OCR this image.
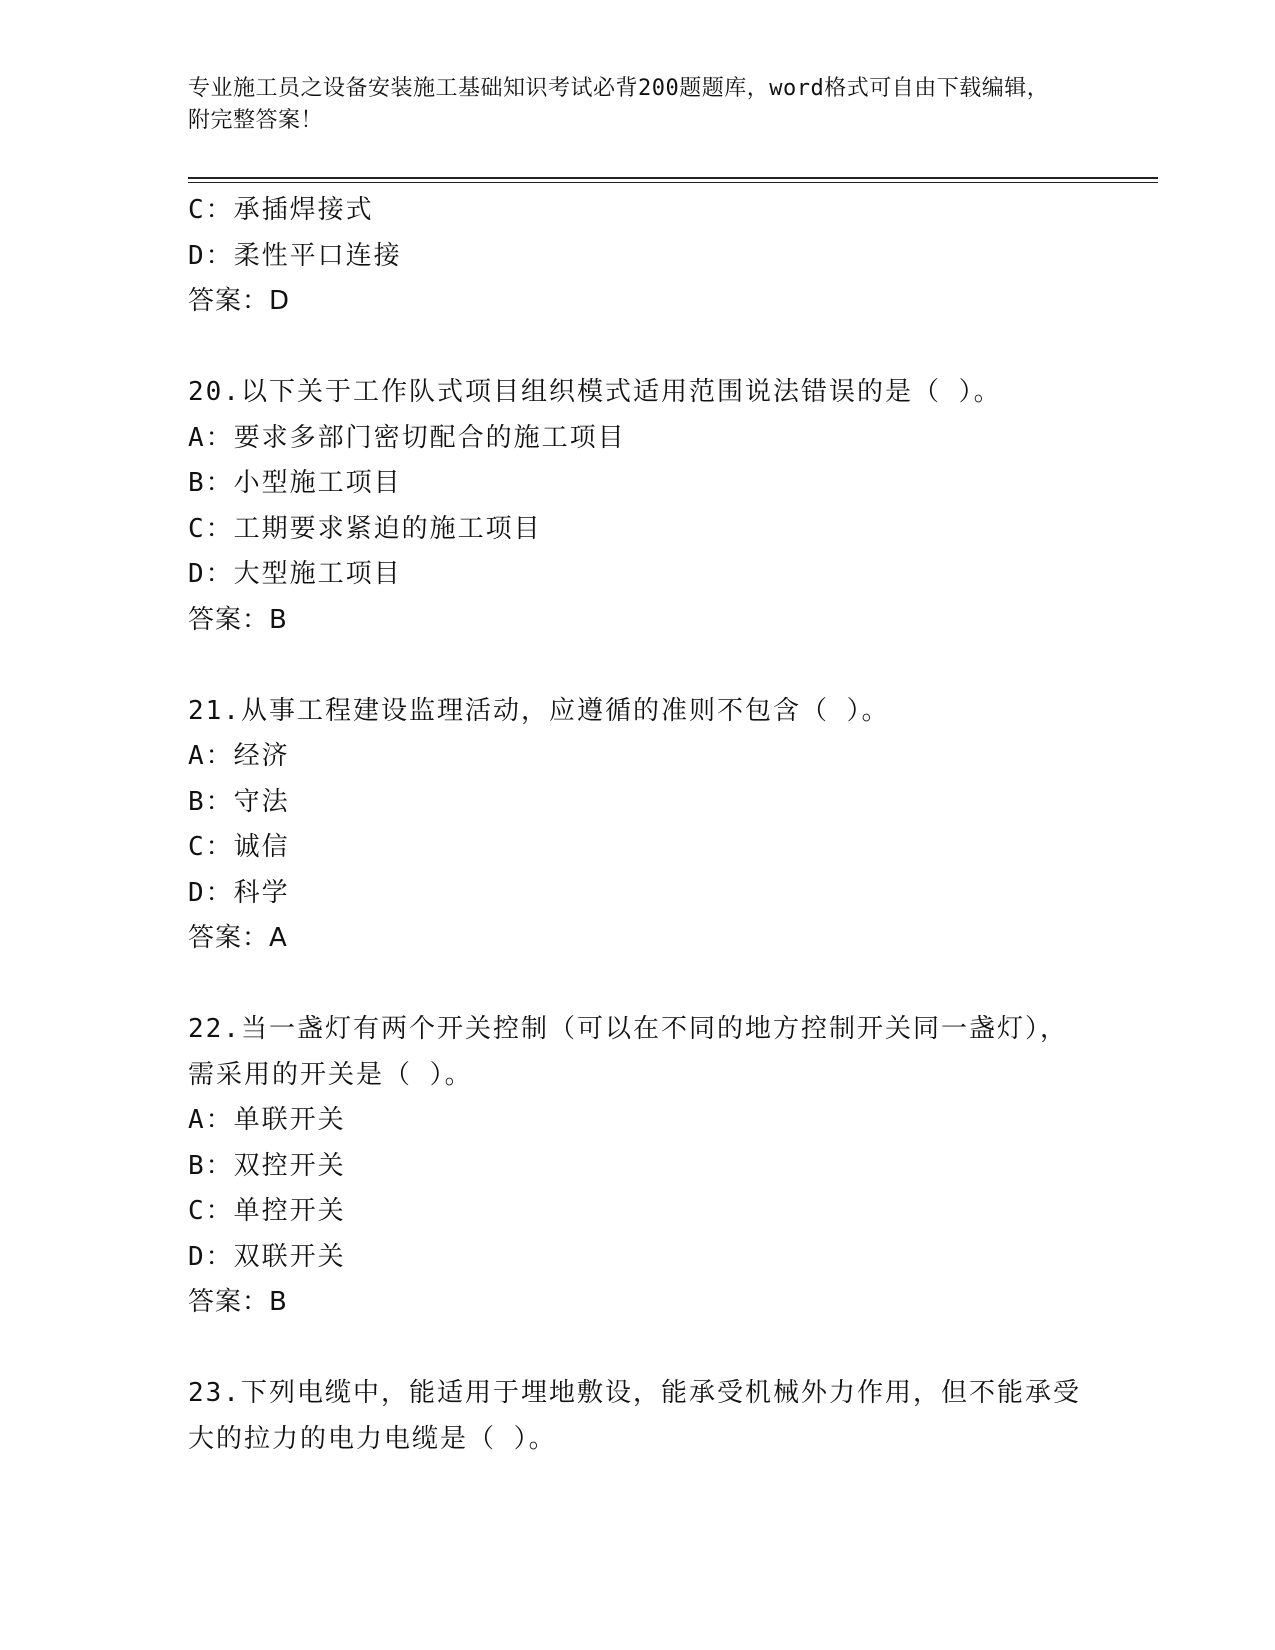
专业施工员之设备安装施工基础知识考试必背200题题库，word格式可自由下载编辑，附完整答案！
C：承插焊接式
D：柔性平口连接
答案：D
20.以下关于工作队式项目组织模式适用范围说法错误的是（ ）。
A：要求多部门密切配合的施工项目
B：小型施工项目
C：工期要求紧迫的施工项目
D：大型施工项目
答案：B
21.从事工程建设监理活动，应遵循的准则不包含（ ）。
A：经济
B：守法
C：诚信
D：科学
答案：A
22.当一盏灯有两个开关控制（可以在不同的地方控制开关同一盏灯），需采用的开关是（ ）。
A：单联开关
B：双控开关
C：单控开关
D：双联开关
答案：B
23.下列电缆中，能适用于埋地敷设，能承受机械外力作用，但不能承受大的拉力的电力电缆是（ ）。
